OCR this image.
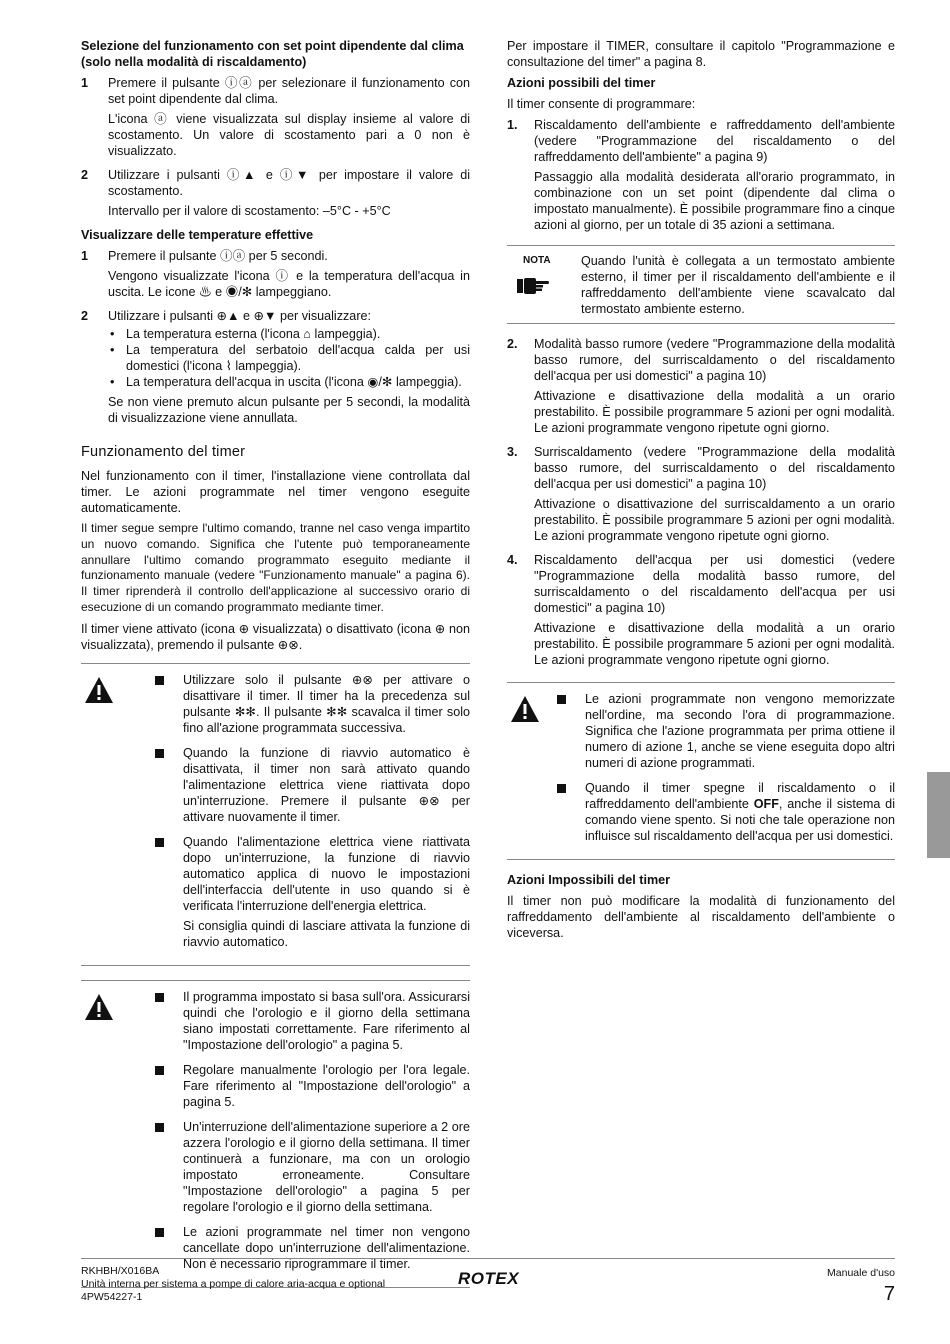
Selezione del funzionamento con set point dipendente dal clima (solo nella modalità di riscaldamento)
1	Premere il pulsante ⓘⓐ per selezionare il funzionamento con set point dipendente dal clima.

L'icona ⓐ viene visualizzata sul display insieme al valore di scostamento. Un valore di scostamento pari a 0 non è visualizzato.

2	Utilizzare i pulsanti ⓘ▲ e ⓘ▼ per impostare il valore di scostamento.

Intervallo per il valore di scostamento: –5°C - +5°C

Visualizzare delle temperature effettive
1	Premere il pulsante ⓘⓐ per 5 secondi.

Vengono visualizzate l'icona ⓘ e la temperatura dell'acqua in uscita. Le icone ♨ e ◉/✻ lampeggiano.

2	Utilizzare i pulsanti ⊕▲ e ⊕▼ per visualizzare:

• La temperatura esterna (l'icona ⌂ lampeggia).
• La temperatura del serbatoio dell'acqua calda per usi domestici (l'icona ⌇ lampeggia).
• La temperatura dell'acqua in uscita (l'icona ◉/✻ lampeggia).

Se non viene premuto alcun pulsante per 5 secondi, la modalità di visualizzazione viene annullata.

Funzionamento del timer

Nel funzionamento con il timer, l'installazione viene controllata dal timer. Le azioni programmate nel timer vengono eseguite automaticamente.

Il timer segue sempre l'ultimo comando, tranne nel caso venga impartito un nuovo comando. Significa che l'utente può temporaneamente annullare l'ultimo comando programmato eseguito mediante il funzionamento manuale (vedere "Funzionamento manuale" a pagina 6). Il timer riprenderà il controllo dell'applicazione al successivo orario di esecuzione di un comando programmato mediante timer.

Il timer viene attivato (icona ⊕ visualizzata) o disattivato (icona ⊕ non visualizzata), premendo il pulsante ⊕⊗.

Utilizzare solo il pulsante ⊕⊗ per attivare o disattivare il timer. Il timer ha la precedenza sul pulsante ✻✻. Il pulsante ✻✻ scavalca il timer solo fino all'azione programmata successiva.

Quando la funzione di riavvio automatico è disattivata, il timer non sarà attivato quando l'alimentazione elettrica viene riattivata dopo un'interruzione. Premere il pulsante ⊕⊗ per attivare nuovamente il timer.

Quando l'alimentazione elettrica viene riattivata dopo un'interruzione, la funzione di riavvio automatico applica di nuovo le impostazioni dell'interfaccia dell'utente in uso quando si è verificata l'interruzione dell'energia elettrica.

Si consiglia quindi di lasciare attivata la funzione di riavvio automatico.

Il programma impostato si basa sull'ora. Assicurarsi quindi che l'orologio e il giorno della settimana siano impostati correttamente. Fare riferimento al "Impostazione dell'orologio" a pagina 5.

Regolare manualmente l'orologio per l'ora legale. Fare riferimento al "Impostazione dell'orologio" a pagina 5.

Un'interruzione dell'alimentazione superiore a 2 ore azzera l'orologio e il giorno della settimana. Il timer continuerà a funzionare, ma con un orologio impostato erroneamente. Consultare "Impostazione dell'orologio" a pagina 5 per regolare l'orologio e il giorno della settimana.

Le azioni programmate nel timer non vengono cancellate dopo un'interruzione dell'alimentazione. Non è necessario riprogrammare il timer.

Per impostare il TIMER, consultare il capitolo "Programmazione e consultazione del timer" a pagina 8.

Azioni possibili del timer

Il timer consente di programmare:

1.	Riscaldamento dell'ambiente e raffreddamento dell'ambiente (vedere "Programmazione del riscaldamento o del raffreddamento dell'ambiente" a pagina 9)

Passaggio alla modalità desiderata all'orario programmato, in combinazione con un set point (dipendente dal clima o impostato manualmente). È possibile programmare fino a cinque azioni al giorno, per un totale di 35 azioni a settimana.

NOTA	Quando l'unità è collegata a un termostato ambiente esterno, il timer per il riscaldamento dell'ambiente e il raffreddamento dell'ambiente viene scavalcato dal termostato ambiente esterno.
2.	Modalità basso rumore (vedere "Programmazione della modalità basso rumore, del surriscaldamento o del riscaldamento dell'acqua per usi domestici" a pagina 10)

Attivazione e disattivazione della modalità a un orario prestabilito. È possibile programmare 5 azioni per ogni modalità. Le azioni programmate vengono ripetute ogni giorno.

3.	Surriscaldamento (vedere "Programmazione della modalità basso rumore, del surriscaldamento o del riscaldamento dell'acqua per usi domestici" a pagina 10)

Attivazione o disattivazione del surriscaldamento a un orario prestabilito. È possibile programmare 5 azioni per ogni modalità. Le azioni programmate vengono ripetute ogni giorno.

4.	Riscaldamento dell'acqua per usi domestici (vedere "Programmazione della modalità basso rumore, del surriscaldamento o del riscaldamento dell'acqua per usi domestici" a pagina 10)

Attivazione e disattivazione della modalità a un orario prestabilito. È possibile programmare 5 azioni per ogni modalità. Le azioni programmate vengono ripetute ogni giorno.

Le azioni programmate non vengono memorizzate nell'ordine, ma secondo l'ora di programmazione. Significa che l'azione programmata per prima ottiene il numero di azione 1, anche se viene eseguita dopo altri numeri di azione programmati.

Quando il timer spegne il riscaldamento o il raffreddamento dell'ambiente OFF, anche il sistema di comando viene spento. Si noti che tale operazione non influisce sul riscaldamento dell'acqua per usi domestici.

Azioni Impossibili del timer

Il timer non può modificare la modalità di funzionamento del raffreddamento dell'ambiente al riscaldamento dell'ambiente o viceversa.

RKHBH/X016BA
Unità interna per sistema a pompe di calore aria-acqua e optional
4PW54227-1
ROTEX	Manuale d'uso
7
